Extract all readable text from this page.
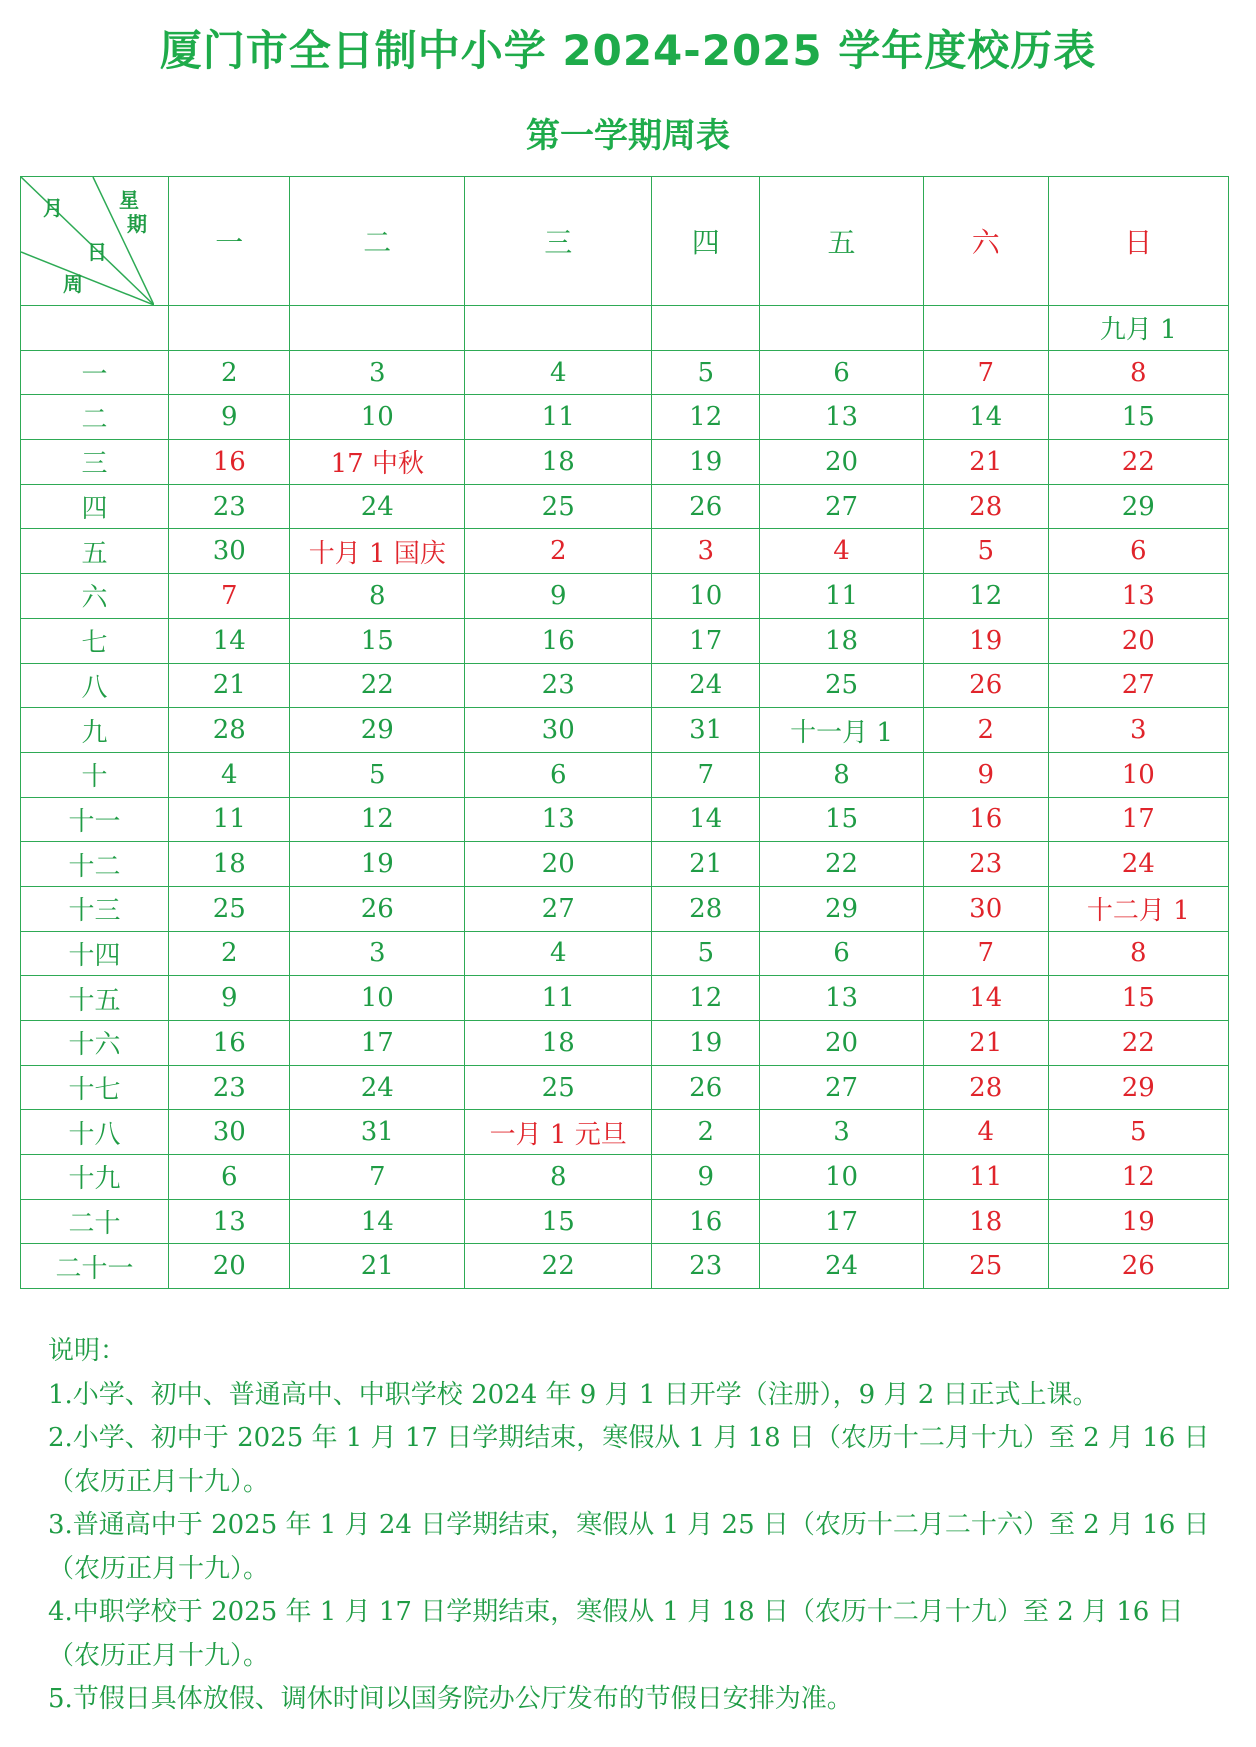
厦门市全日制中小学 2024-2025 学年度校历表
第一学期周表
月 星
期
日
周	一	二	三	四	五	六	日
							九月 1
一	2	3	4	5	6	7	8
二	9	10	11	12	13	14	15
三	16	17 中秋	18	19	20	21	22
四	23	24	25	26	27	28	29
五	30	十月 1 国庆	2	3	4	5	6
六	7	8	9	10	11	12	13
七	14	15	16	17	18	19	20
八	21	22	23	24	25	26	27
九	28	29	30	31	十一月 1	2	3
十	4	5	6	7	8	9	10
十一	11	12	13	14	15	16	17
十二	18	19	20	21	22	23	24
十三	25	26	27	28	29	30	十二月 1
十四	2	3	4	5	6	7	8
十五	9	10	11	12	13	14	15
十六	16	17	18	19	20	21	22
十七	23	24	25	26	27	28	29
十八	30	31	一月 1 元旦	2	3	4	5
十九	6	7	8	9	10	11	12
二十	13	14	15	16	17	18	19
二十一	20	21	22	23	24	25	26

说明：

1.小学、初中、普通高中、中职学校 2024 年 9 月 1 日开学（注册），9 月 2 日正式上课。

2.小学、初中于 2025 年 1 月 17 日学期结束，寒假从 1 月 18 日（农历十二月十九）至 2 月 16 日（农历正月十九）。

3.普通高中于 2025 年 1 月 24 日学期结束，寒假从 1 月 25 日（农历十二月二十六）至 2 月 16 日（农历正月十九）。

4.中职学校于 2025 年 1 月 17 日学期结束，寒假从 1 月 18 日（农历十二月十九）至 2 月 16 日（农历正月十九）。

5.节假日具体放假、调休时间以国务院办公厅发布的节假日安排为准。
